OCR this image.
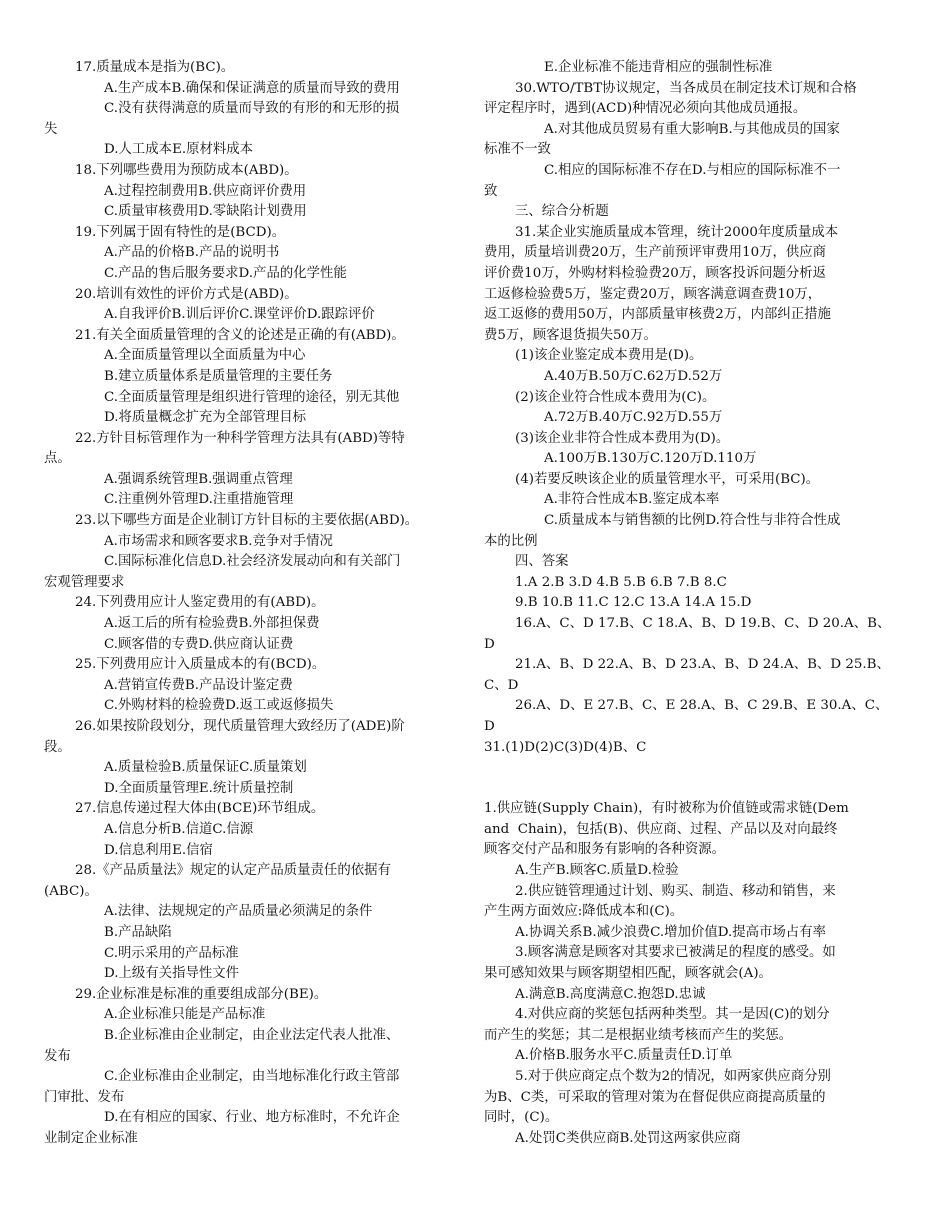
17.质量成本是指为(BC)。
A.生产成本B.确保和保证满意的质量而导致的费用
C.没有获得满意的质量而导致的有形的和无形的损
失
D.人工成本E.原材料成本
18.下列哪些费用为预防成本(ABD)。
A.过程控制费用B.供应商评价费用
C.质量审核费用D.零缺陷计划费用
19.下列属于固有特性的是(BCD)。
A.产品的价格B.产品的说明书
C.产品的售后服务要求D.产品的化学性能
20.培训有效性的评价方式是(ABD)。
A.自我评价B.训后评价C.课堂评价D.跟踪评价
21.有关全面质量管理的含义的论述是正确的有(ABD)。
A.全面质量管理以全面质量为中心
B.建立质量体系是质量管理的主要任务
C.全面质量管理是组织进行管理的途径，别无其他
D.将质量概念扩充为全部管理目标
22.方针目标管理作为一种科学管理方法具有(ABD)等特
点。
A.强调系统管理B.强调重点管理
C.注重例外管理D.注重措施管理
23.以下哪些方面是企业制订方针目标的主要依据(ABD)。
A.市场需求和顾客要求B.竞争对手情况
C.国际标准化信息D.社会经济发展动向和有关部门
宏观管理要求
24.下列费用应计人鉴定费用的有(ABD)。
A.返工后的所有检验费B.外部担保费
C.顾客借的专费D.供应商认证费
25.下列费用应计入质量成本的有(BCD)。
A.营销宣传费B.产品设计鉴定费
C.外购材料的检验费D.返工或返修损失
26.如果按阶段划分，现代质量管理大致经历了(ADE)阶
段。
A.质量检验B.质量保证C.质量策划
D.全面质量管理E.统计质量控制
27.信息传递过程大体由(BCE)环节组成。
A.信息分析B.信道C.信源
D.信息利用E.信宿
28.《产品质量法》规定的认定产品质量责任的依据有
(ABC)。
A.法律、法规规定的产品质量必须满足的条件
B.产品缺陷
C.明示采用的产品标准
D.上级有关指导性文件
29.企业标准是标准的重要组成部分(BE)。
A.企业标准只能是产品标准
B.企业标准由企业制定，由企业法定代表人批准、
发布
C.企业标准由企业制定，由当地标准化行政主管部
门审批、发布
D.在有相应的国家、行业、地方标准时，不允许企
业制定企业标准
E.企业标准不能违背相应的强制性标准
30.WTO/TBT协议规定，当各成员在制定技术订规和合格
评定程序时，遇到(ACD)种情况必须向其他成员通报。
A.对其他成员贸易有重大影响B.与其他成员的国家
标准不一致
C.相应的国际标准不存在D.与相应的国际标准不一
致
三、综合分析题
31.某企业实施质量成本管理，统计2000年度质量成本
费用，质量培训费20万，生产前预评审费用10万，供应商
评价费10万，外购材料检验费20万，顾客投诉问题分析返
工返修检验费5万，鉴定费20万，顾客满意调查费10万，
返工返修的费用50万，内部质量审核费2万，内部纠正措施
费5万，顾客退货损失50万。
(1)该企业鉴定成本费用是(D)。
A.40万B.50万C.62万D.52万
(2)该企业符合性成本费用为(C)。
A.72万B.40万C.92万D.55万
(3)该企业非符合性成本费用为(D)。
A.100万B.130万C.120万D.110万
(4)若要反映该企业的质量管理水平，可采用(BC)。
A.非符合性成本B.鉴定成本率
C.质量成本与销售额的比例D.符合性与非符合性成
本的比例
四、答案
1.A 2.B 3.D 4.B 5.B 6.B 7.B 8.C
9.B 10.B 11.C 12.C 13.A 14.A 15.D
16.A、C、D 17.B、C 18.A、B、D 19.B、C、D 20.A、B、
D
21.A、B、D 22.A、B、D 23.A、B、D 24.A、B、D 25.B、
C、D
26.A、D、E 27.B、C、E 28.A、B、C 29.B、E 30.A、C、
D
31.(1)D(2)C(3)D(4)B、C
1.供应链(Supply Chain)，有时被称为价值链或需求链(Dem
and  Chain)，包括(B)、供应商、过程、产品以及对向最终
顾客交付产品和服务有影响的各种资源。
A.生产B.顾客C.质量D.检验
2.供应链管理通过计划、购买、制造、移动和销售，来
产生两方面效应:降低成本和(C)。
A.协调关系B.减少浪费C.增加价值D.提高市场占有率
3.顾客满意是顾客对其要求已被满足的程度的感受。如
果可感知效果与顾客期望相匹配，顾客就会(A)。
A.满意B.高度满意C.抱怨D.忠诚
4.对供应商的奖惩包括两种类型。其一是因(C)的划分
而产生的奖惩；其二是根据业绩考核而产生的奖惩。
A.价格B.服务水平C.质量责任D.订单
5.对于供应商定点个数为2的情况，如两家供应商分别
为B、C类，可采取的管理对策为在督促供应商提高质量的
同时，(C)。
A.处罚C类供应商B.处罚这两家供应商
